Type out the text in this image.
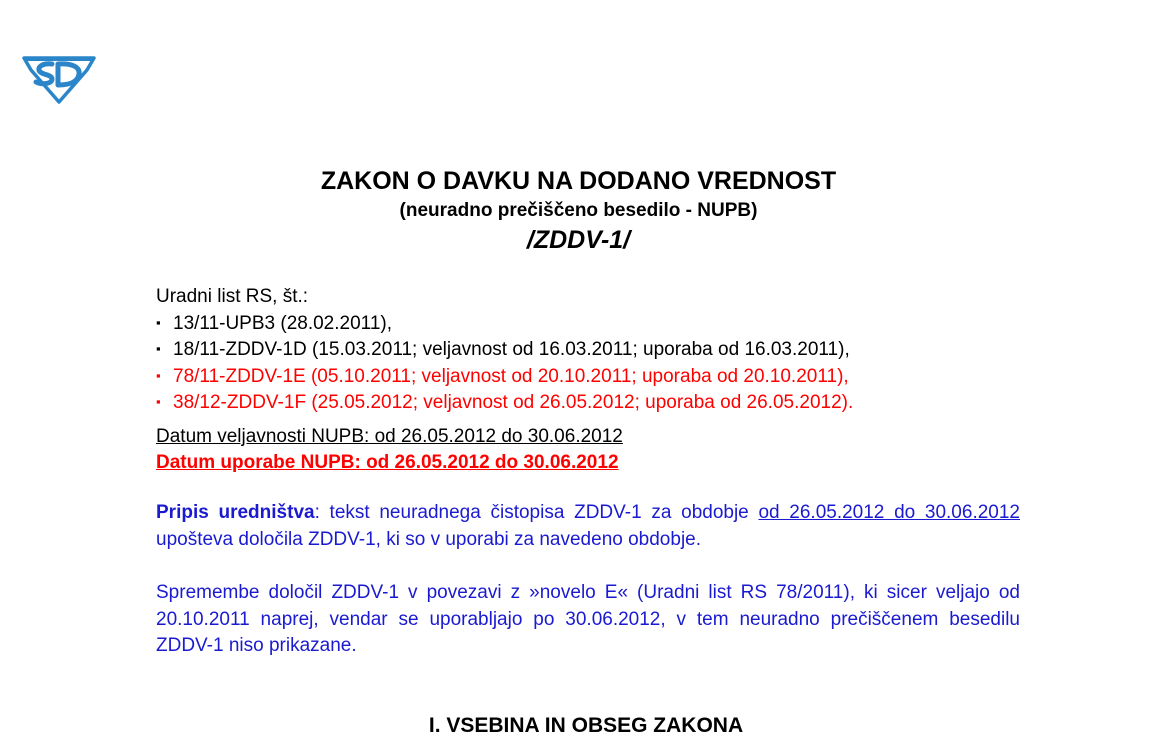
ZAKON O DAVKU NA DODANO VREDNOST
(neuradno prečiščeno besedilo - NUPB)
/ZDDV-1/
Uradni list RS, št.:
▪ 13/11-UPB3 (28.02.2011),
▪ 18/11-ZDDV-1D (15.03.2011; veljavnost od 16.03.2011; uporaba od 16.03.2011),
▪ 78/11-ZDDV-1E (05.10.2011; veljavnost od 20.10.2011; uporaba od 20.10.2011),
▪ 38/12-ZDDV-1F (25.05.2012; veljavnost od 26.05.2012; uporaba od 26.05.2012).
Datum veljavnosti NUPB: od 26.05.2012 do 30.06.2012
Datum uporabe NUPB: od 26.05.2012 do 30.06.2012
Pripis uredništva: tekst neuradnega čistopisa ZDDV-1 za obdobje od 26.05.2012 do 30.06.2012 upošteva določila ZDDV-1, ki so v uporabi za navedeno obdobje.
Spremembe določil ZDDV-1 v povezavi z »novelo E« (Uradni list RS 78/2011), ki sicer veljajo od 20.10.2011 naprej, vendar se uporabljajo po 30.06.2012, v tem neuradno prečiščenem besedilu ZDDV-1 niso prikazane.
I. VSEBINA IN OBSEG ZAKONA
